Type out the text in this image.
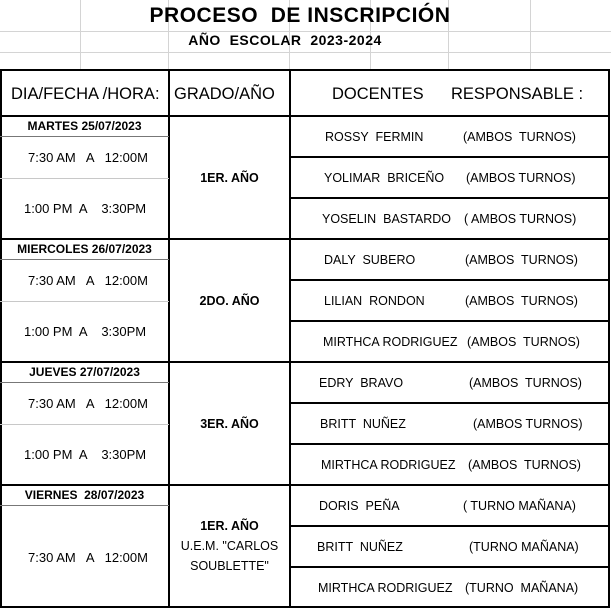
PROCESO  DE INSCRIPCIÓN
AÑO  ESCOLAR  2023-2024
DIA/FECHA /HORA: GRADO/AÑO	DOCENTES RESPONSABLE :
MARTES 25/07/2023
7:30 AM   A   12:00M
1:00 PM  A    3:30PM
1ER. AÑO
ROSSY  FERMIN	(AMBOS  TURNOS)
YOLIMAR  BRICEÑO (AMBOS TURNOS)
YOSELIN  BASTARDO ( AMBOS TURNOS)
MIERCOLES 26/07/2023
7:30 AM   A   12:00M
1:00 PM  A    3:30PM
2DO. AÑO
DALY  SUBERO	(AMBOS  TURNOS)
LILIAN  RONDON	(AMBOS  TURNOS)
MIRTHCA RODRIGUEZ (AMBOS  TURNOS)
JUEVES 27/07/2023
7:30 AM   A   12:00M
1:00 PM  A    3:30PM
3ER. AÑO
EDRY  BRAVO	(AMBOS  TURNOS)
BRITT  NUÑEZ	(AMBOS TURNOS)
MIRTHCA RODRIGUEZ (AMBOS  TURNOS)
VIERNES  28/07/2023
7:30 AM   A   12:00M
1ER. AÑO
U.E.M. "CARLOS
SOUBLETTE"
DORIS  PEÑA	( TURNO MAÑANA)
BRITT  NUÑEZ	(TURNO MAÑANA)
MIRTHCA RODRIGUEZ (TURNO  MAÑANA)
